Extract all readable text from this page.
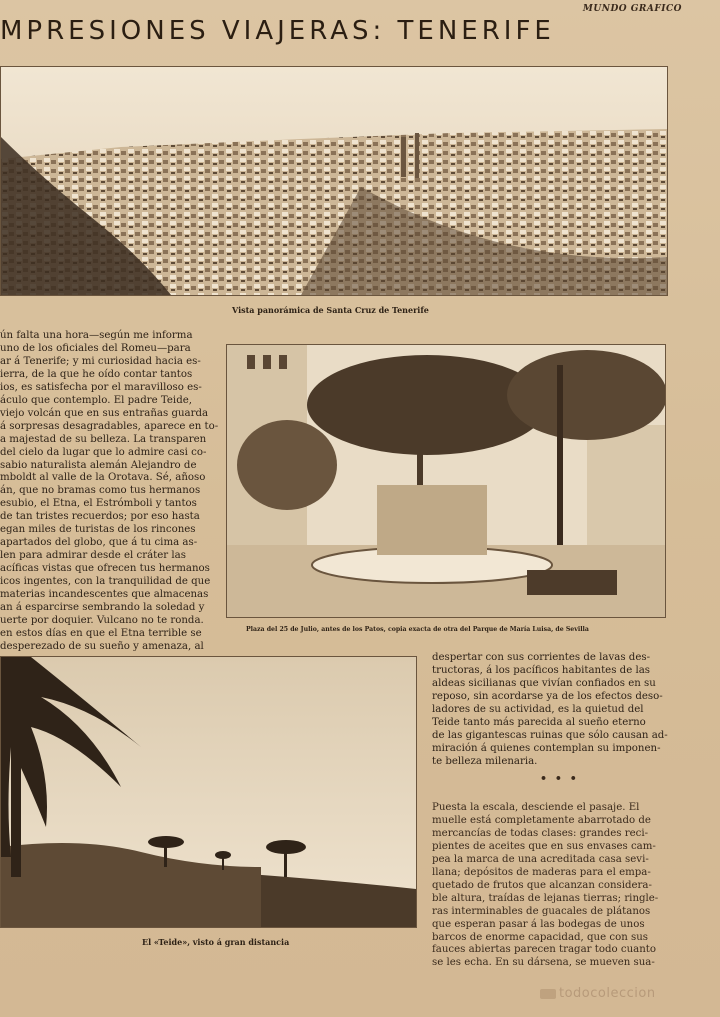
MUNDO GRAFICO
MPRESIONES VIAJERAS: TENERIFE
Vista panorámica de Santa Cruz de Tenerife
Plaza del 25 de Julio, antes de los Patos, copia exacta de otra del Parque de María Luisa, de Sevilla
ún falta una hora—según me informa
uno de los oficiales del Romeu—para
ar á Tenerife; y mi curiosidad hacia es-
ierra, de la que he oído contar tantos
ios, es satisfecha por el maravilloso es-
áculo que contemplo. El padre Teide,
viejo volcán que en sus entrañas guarda
á sorpresas desagradables, aparece en to-
a majestad de su belleza. La transparen
del cielo da lugar que lo admire casi co-
sabio naturalista alemán Alejandro de
mboldt al valle de la Orotava. Sé, añoso
án, que no bramas como tus hermanos
esubio, el Etna, el Estrómboli y tantos
de tan tristes recuerdos; por eso hasta
egan miles de turistas de los rincones
apartados del globo, que á tu cima as-
len para admirar desde el cráter las
acíficas vistas que ofrecen tus hermanos
icos ingentes, con la tranquilidad de que
materias incandescentes que almacenas
an á esparcirse sembrando la soledad y
uerte por doquier. Vulcano no te ronda.
en estos días en que el Etna terrible se
desperezado de su sueño y amenaza, al
El «Teide», visto á gran distancia
despertar con sus corrientes de lavas des-
tructoras, á los pacíficos habitantes de las
aldeas sicilianas que vivían confiados en su
reposo, sin acordarse ya de los efectos deso-
ladores de su actividad, es la quietud del
Teide tanto más parecida al sueño eterno
de las gigantescas ruinas que sólo causan ad-
miración á quienes contemplan su imponen-
te belleza milenaria.
• • •
Puesta la escala, desciende el pasaje. El
muelle está completamente abarrotado de
mercancías de todas clases: grandes reci-
pientes de aceites que en sus envases cam-
pea la marca de una acreditada casa sevi-
llana; depósitos de maderas para el empa-
quetado de frutos que alcanzan considera-
ble altura, traídas de lejanas tierras; ringle-
ras interminables de guacales de plátanos
que esperan pasar á las bodegas de unos
barcos de enorme capacidad, que con sus
fauces abiertas parecen tragar todo cuanto
se les echa. En su dársena, se mueven sua-
todocoleccion
